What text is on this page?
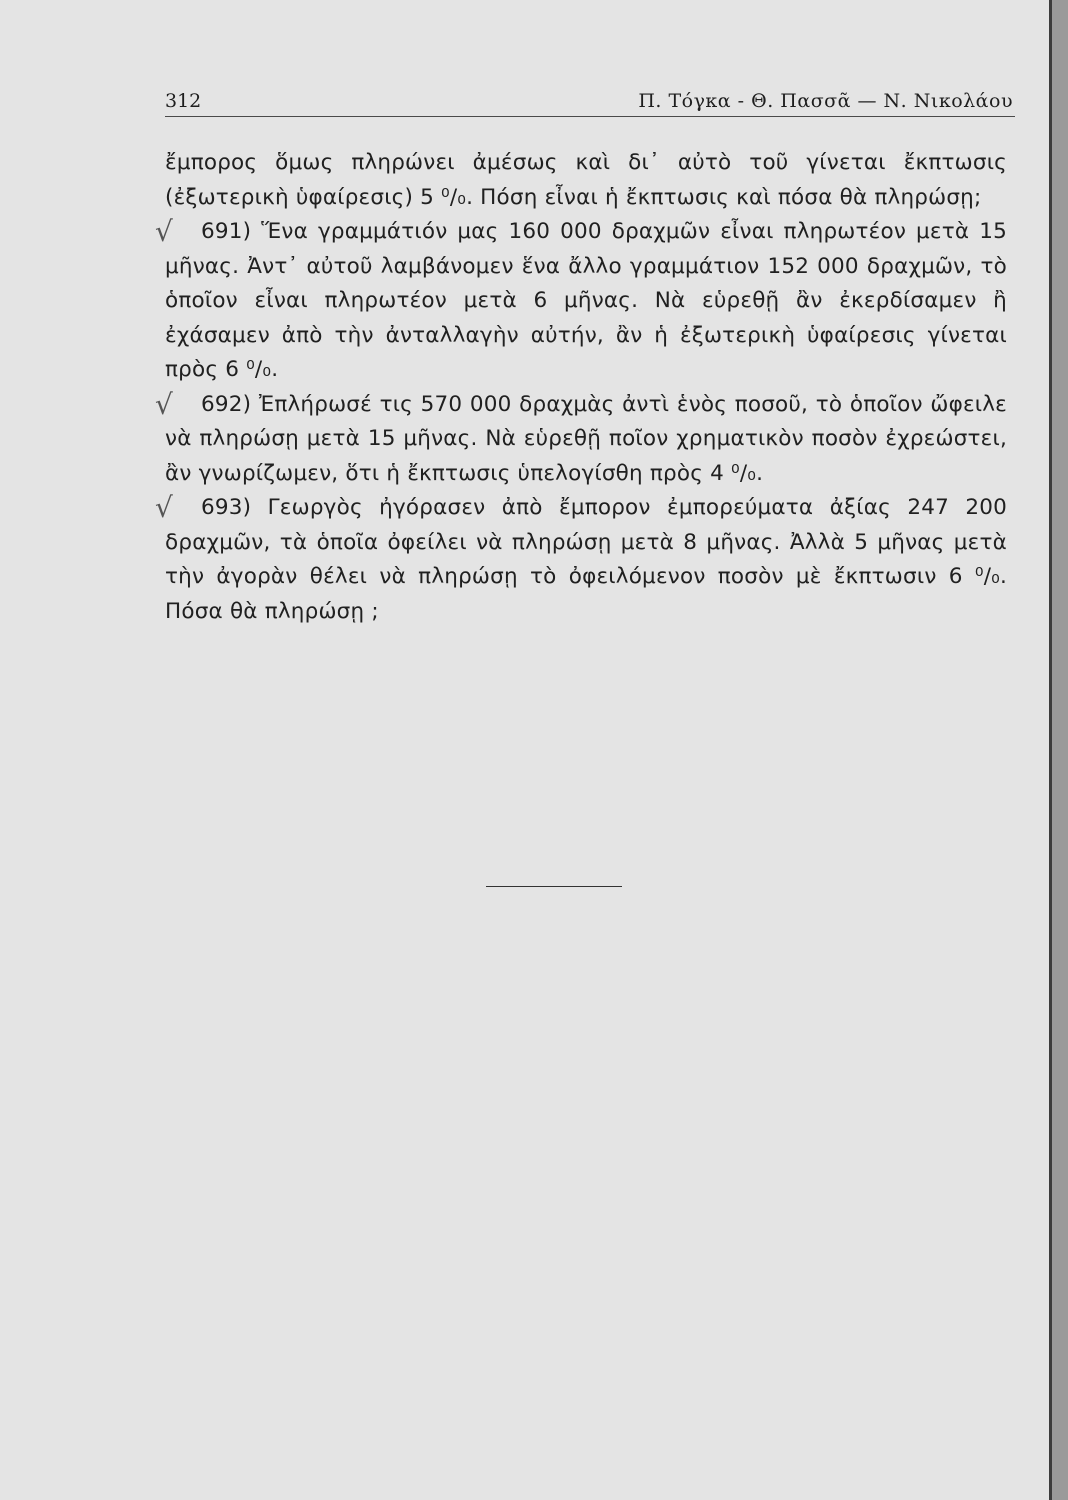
312	Π. Τόγκα - Θ. Πασσᾶ — Ν. Νικολάου

ἔμπορος ὅμως πληρώνει ἀμέσως καὶ δι᾽ αὐτὸ τοῦ γίνεται ἔκπτωσις (ἐξωτερικὴ ὑφαίρεσις) 5 ⁰/₀. Πόση εἶναι ἡ ἔκπτωσις καὶ πόσα θὰ πληρώσῃ;

√ 691) Ἕνα γραμμάτιόν μας 160 000 δραχμῶν εἶναι πληρωτέον μετὰ 15 μῆνας. Ἀντ᾽ αὐτοῦ λαμβάνομεν ἕνα ἄλλο γραμμάτιον 152 000 δραχμῶν, τὸ ὁποῖον εἶναι πληρωτέον μετὰ 6 μῆνας. Νὰ εὑρεθῇ ἂν ἐκερδίσαμεν ἢ ἐχάσαμεν ἀπὸ τὴν ἀνταλλαγὴν αὐτήν, ἂν ἡ ἐξωτερικὴ ὑφαίρεσις γίνεται πρὸς 6 ⁰/₀.

√ 692) Ἐπλήρωσέ τις 570 000 δραχμὰς ἀντὶ ἑνὸς ποσοῦ, τὸ ὁποῖον ὤφειλε νὰ πληρώσῃ μετὰ 15 μῆνας. Νὰ εὑρεθῇ ποῖον χρηματικὸν ποσὸν ἐχρεώστει, ἂν γνωρίζωμεν, ὅτι ἡ ἔκπτωσις ὑπελογίσθη πρὸς 4 ⁰/₀.

√ 693) Γεωργὸς ἠγόρασεν ἀπὸ ἔμπορον ἐμπορεύματα ἀξίας 247 200 δραχμῶν, τὰ ὁποῖα ὀφείλει νὰ πληρώσῃ μετὰ 8 μῆνας. Ἀλλὰ 5 μῆνας μετὰ τὴν ἀγορὰν θέλει νὰ πληρώσῃ τὸ ὀφειλόμενον ποσὸν μὲ ἔκπτωσιν 6 ⁰/₀. Πόσα θὰ πληρώσῃ ;
